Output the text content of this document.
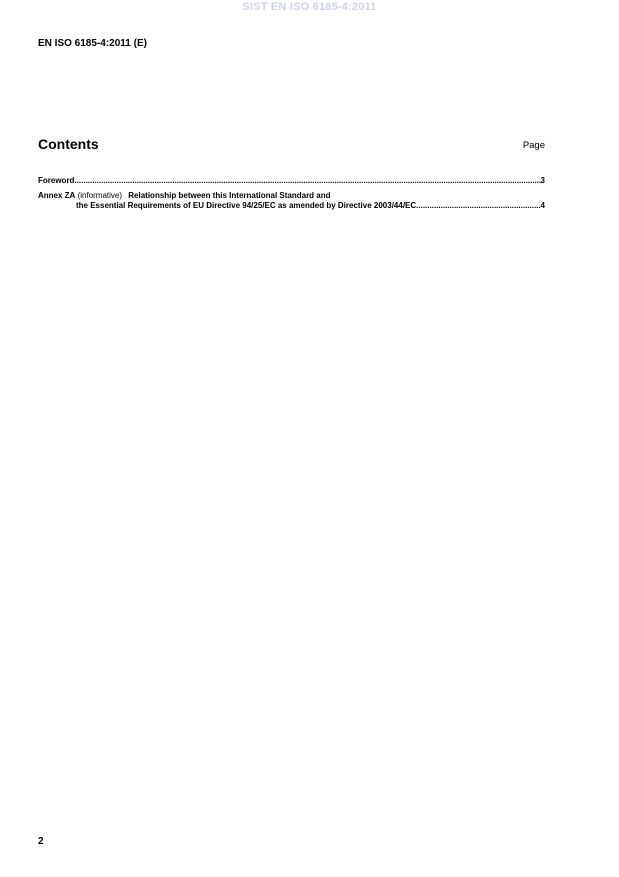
SIST EN ISO 6185-4:2011
EN ISO 6185-4:2011 (E)
Contents	Page
Foreword .....	3
Annex ZA (informative) Relationship between this International Standard and
the Essential Requirements of EU Directive 94/25/EC as amended by Directive 2003/44/EC .....	4
2
